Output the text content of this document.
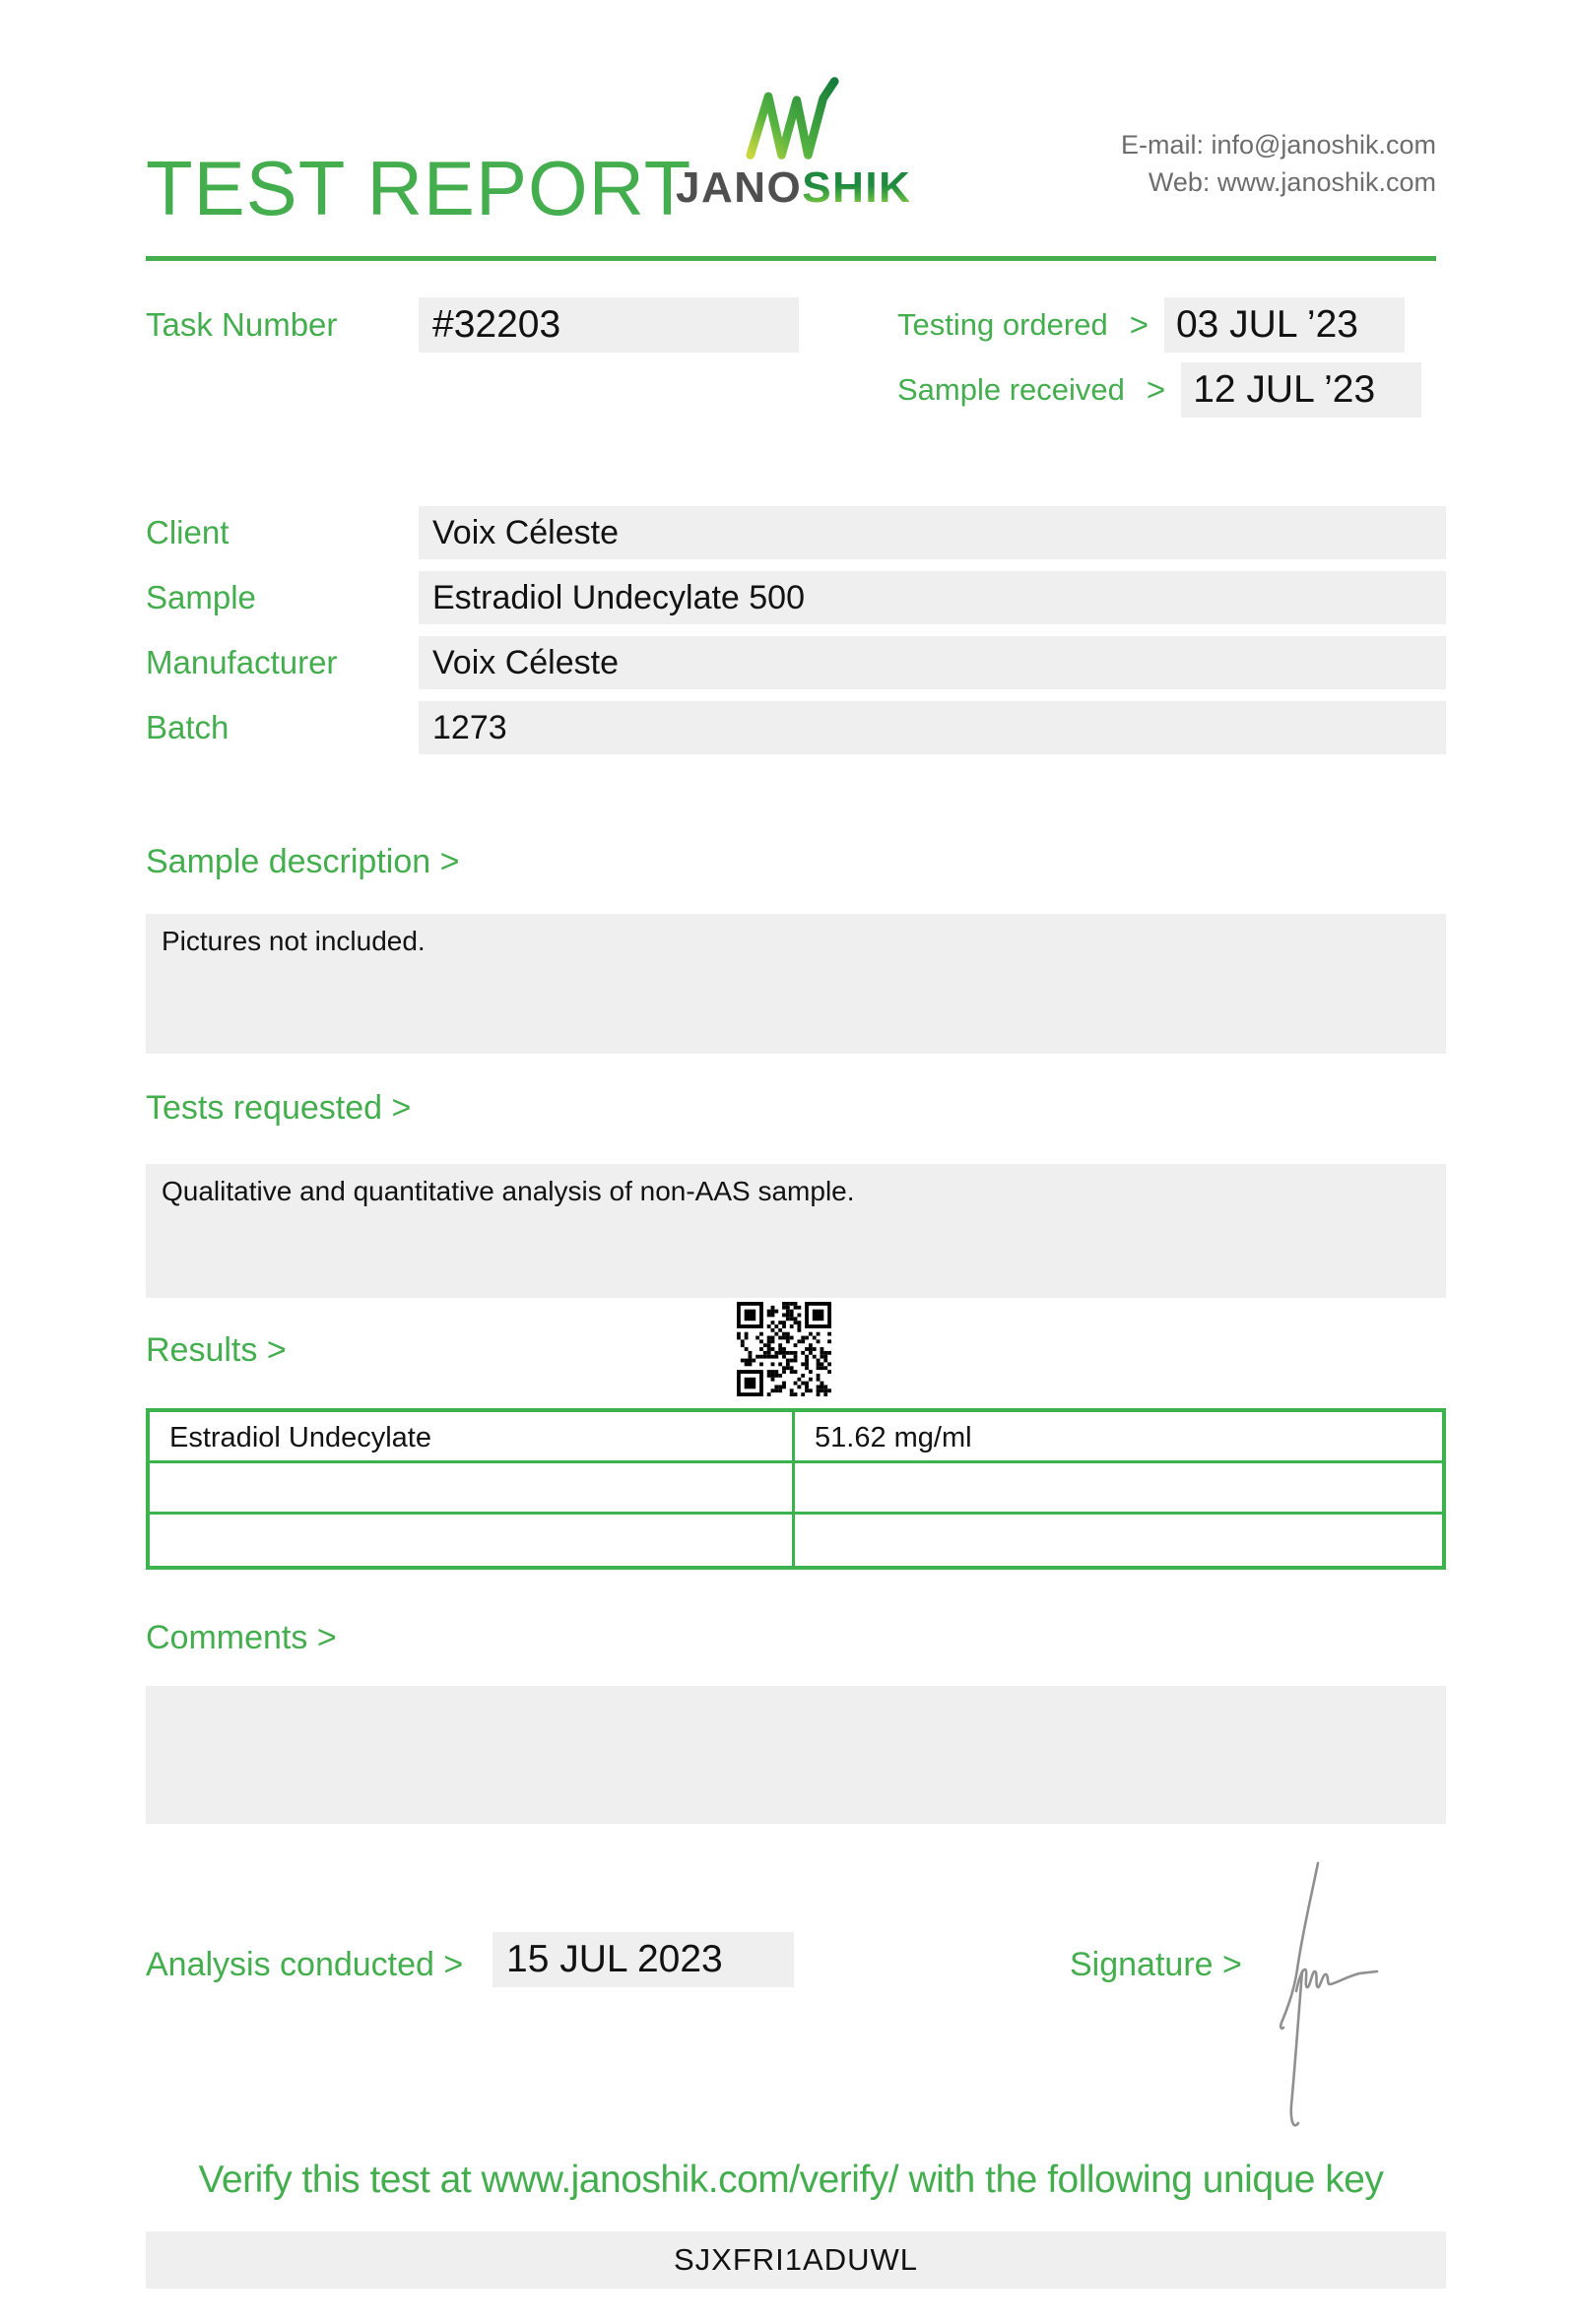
TEST REPORT
JANOSHIK
E-mail: info@janoshik.com
Web: www.janoshik.com
Task Number	#32203	Testing ordered > 03 JUL ’23
Sample received > 12 JUL ’23
Client	Voix Céleste
Sample	Estradiol Undecylate 500
Manufacturer	Voix Céleste
Batch	1273
Sample description >
Pictures not included.
Tests requested >
Qualitative and quantitative analysis of non-AAS sample.
Results >
Estradiol Undecylate	51.62 mg/ml
Comments >
Analysis conducted >	15 JUL 2023	Signature >
Verify this test at www.janoshik.com/verify/ with the following unique key
SJXFRI1ADUWL
